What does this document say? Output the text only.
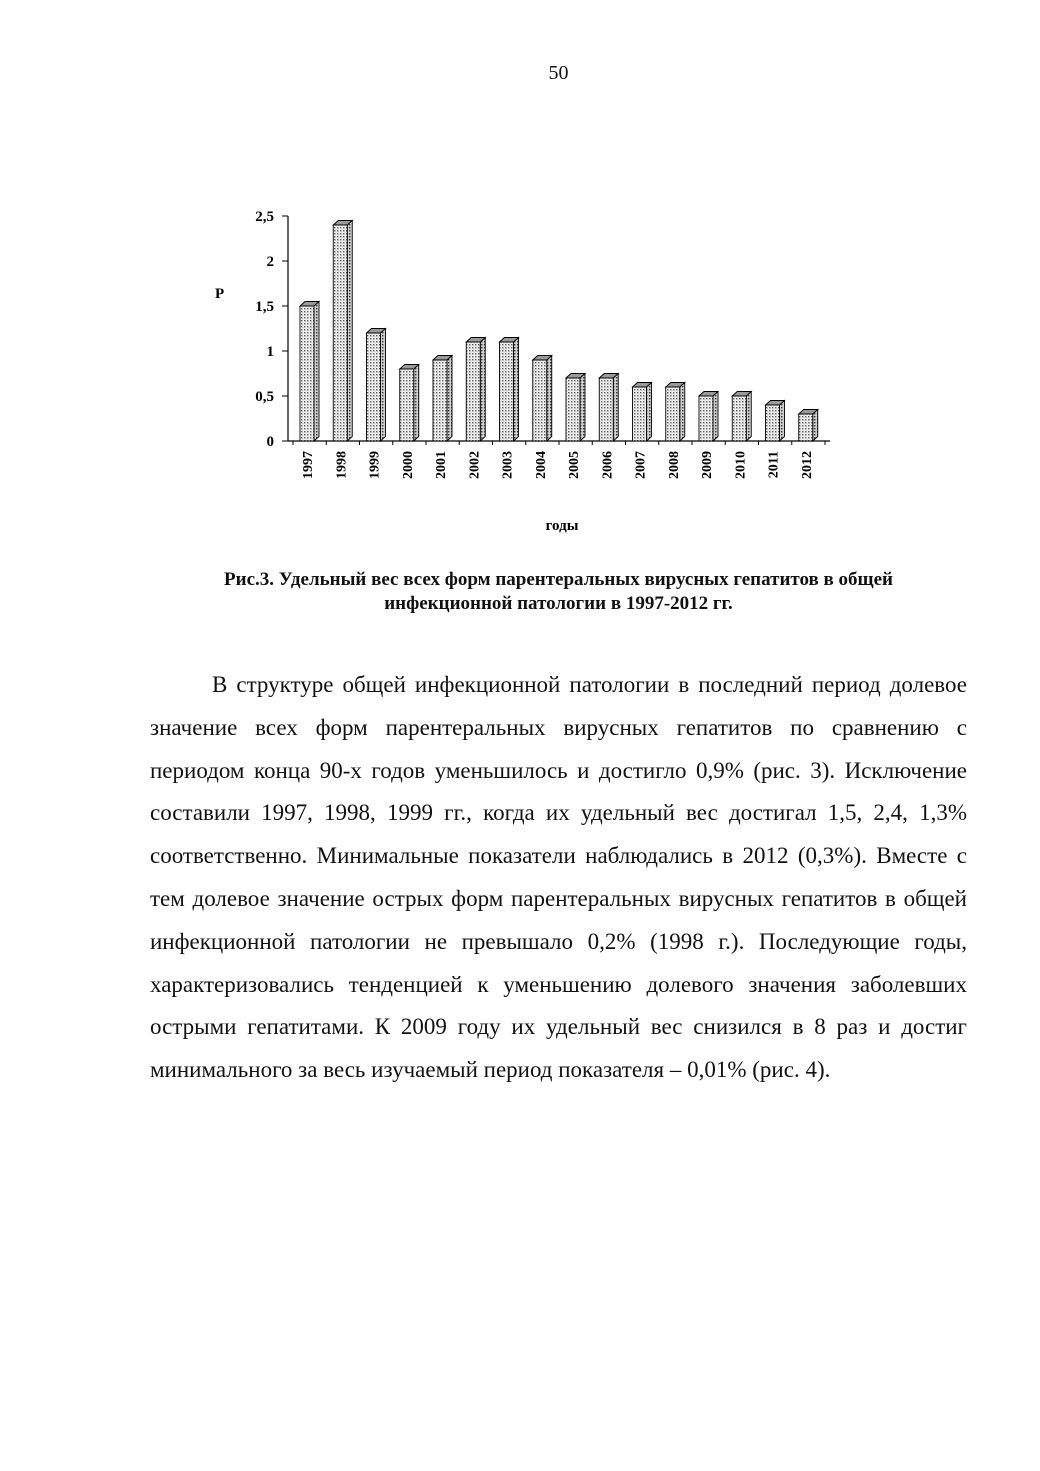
50
0
0,5
1
1,5
2
2,5
P
1997 1998 1999 2000 2001 2002 2003 2004 2005 2006 2007 2008 2009 2010 2011 2012
годы
Рис.3. Удельный вес всех форм парентеральных вирусных гепатитов в общей
инфекционной патологии в 1997-2012 гг.

В структуре общей инфекционной патологии в последний период долевое значение всех форм парентеральных вирусных гепатитов по сравнению с периодом конца 90-х годов уменьшилось и достигло 0,9% (рис. 3). Исключение составили 1997, 1998, 1999 гг., когда их удельный вес достигал 1,5, 2,4, 1,3% соответственно. Минимальные показатели наблюдались в 2012 (0,3%). Вместе с тем долевое значение острых форм парентеральных вирусных гепатитов в общей инфекционной патологии не превышало 0,2% (1998 г.). Последующие годы, характеризовались тенденцией к уменьшению долевого значения заболевших острыми гепатитами. К 2009 году их удельный вес снизился в 8 раз и достиг минимального за весь изучаемый период показателя – 0,01% (рис. 4).
